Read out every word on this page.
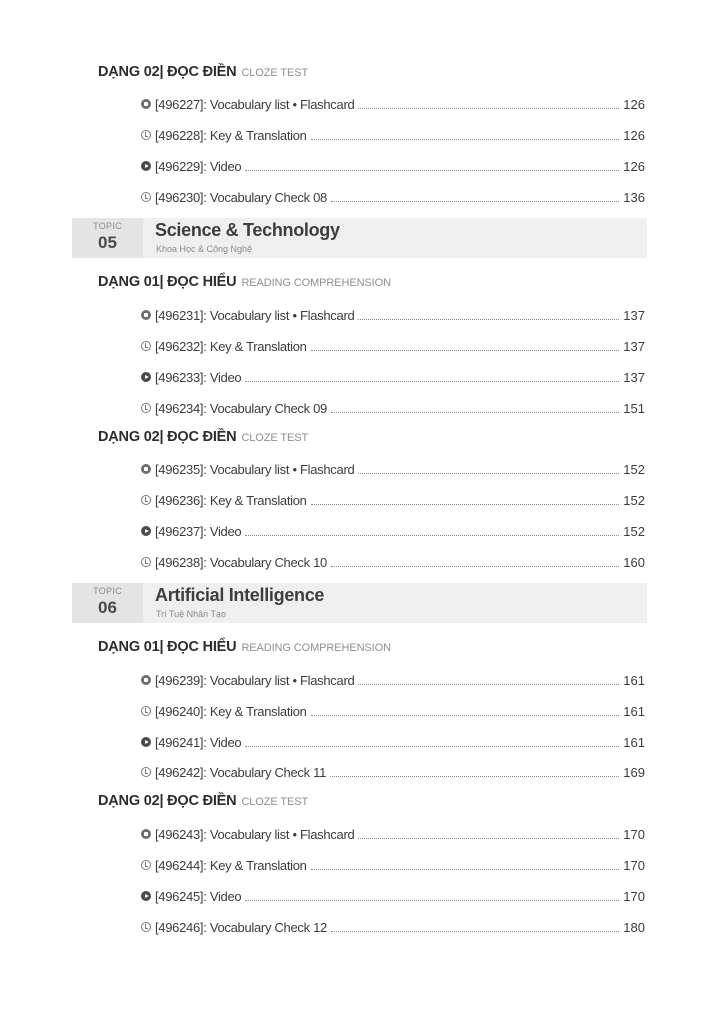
DẠNG 02| ĐỌC ĐIỀN CLOZE TEST
[496227]: Vocabulary list • Flashcard	126
[496228]: Key & Translation	126
[496229]: Video	126
[496230]: Vocabulary Check 08	136
TOPIC
05
Science & Technology
Khoa Học & Công Nghệ
DẠNG 01| ĐỌC HIỂU READING COMPREHENSION
[496231]: Vocabulary list • Flashcard	137
[496232]: Key & Translation	137
[496233]: Video	137
[496234]: Vocabulary Check 09	151
DẠNG 02| ĐỌC ĐIỀN CLOZE TEST
[496235]: Vocabulary list • Flashcard	152
[496236]: Key & Translation	152
[496237]: Video	152
[496238]: Vocabulary Check 10	160
TOPIC
06
Artificial Intelligence
Trí Tuệ Nhân Tạo
DẠNG 01| ĐỌC HIỂU READING COMPREHENSION
[496239]: Vocabulary list • Flashcard	161
[496240]: Key & Translation	161
[496241]: Video	161
[496242]: Vocabulary Check 11	169
DẠNG 02| ĐỌC ĐIỀN CLOZE TEST
[496243]: Vocabulary list • Flashcard	170
[496244]: Key & Translation	170
[496245]: Video	170
[496246]: Vocabulary Check 12	180
